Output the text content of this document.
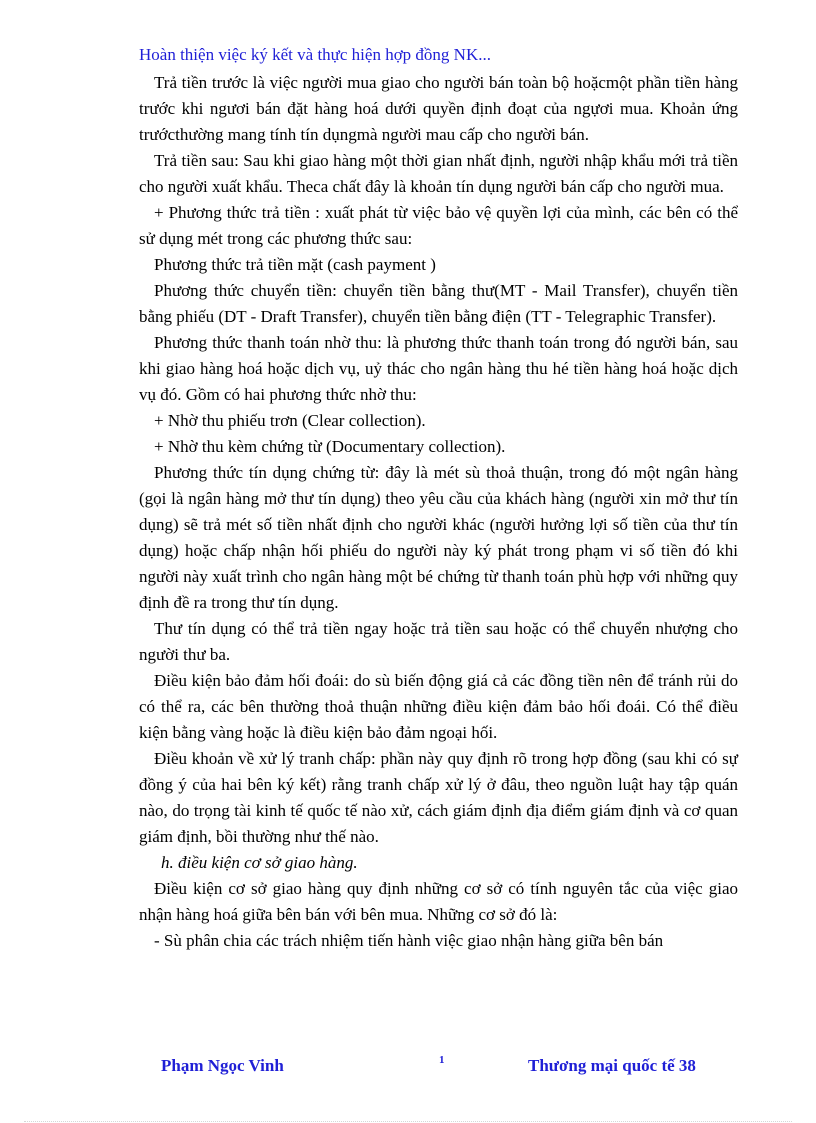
Hoàn thiện việc ký kết và thực hiện hợp đồng NK...

Trả tiền trước là việc người mua giao cho người bán toàn bộ hoặcmột phần tiền hàng trước khi ngươi bán đặt hàng hoá dưới quyền định đoạt của ngựơi mua. Khoản ứng trướcthường mang tính tín dụngmà người mau cấp cho người bán.

Trả tiền sau: Sau khi giao hàng một thời gian nhất định, người nhập khẩu mới trả tiền cho người xuất khẩu. Theca chất đây là khoản tín dụng người bán cấp cho người mua.

+ Phương thức trả tiền : xuất phát từ việc bảo vệ quyền lợi của mình, các bên có thể sử dụng mét trong các phương thức sau:

Phương thức trả tiền mặt (cash payment )

Phương thức chuyển tiền: chuyển tiền bằng thư(MT - Mail Transfer), chuyển tiền bằng phiếu (DT - Draft Transfer), chuyển tiền bằng điện (TT - Telegraphic Transfer).

Phương thức thanh toán nhờ thu: là phương thức thanh toán trong đó người bán, sau khi giao hàng hoá hoặc dịch vụ, uỷ thác cho ngân hàng thu hé tiền hàng hoá hoặc dịch vụ đó. Gồm có hai phương thức nhờ thu:

+ Nhờ thu phiếu trơn (Clear collection).

+ Nhờ thu kèm chứng từ (Documentary collection).

Phương thức tín dụng chứng từ: đây là mét sù thoả thuận, trong đó một ngân hàng (gọi là ngân hàng mở thư tín dụng) theo yêu cầu của khách hàng (người xin mở thư tín dụng) sẽ trả mét số tiền nhất định cho người khác (người hưởng lợi số tiền của thư tín dụng) hoặc chấp nhận hối phiếu do người này ký phát trong phạm vi số tiền đó khi người này xuất trình cho ngân hàng một bé chứng từ thanh toán phù hợp với những quy định đề ra trong thư tín dụng.

Thư tín dụng có thể trả tiền ngay hoặc trả tiền sau hoặc có thể chuyển nhượng cho người thư ba.

Điều kiện bảo đảm hối đoái: do sù biến động giá cả các đồng tiền nên để tránh rủi do có thể ra, các bên thường thoả thuận những điều kiện đảm bảo hối đoái. Có thể điều kiện bằng vàng hoặc là điều kiện bảo đảm ngoại hối.

Điều khoản về xử lý tranh chấp: phần này quy định rõ trong hợp đồng (sau khi có sự đồng ý của hai bên ký kết) rằng tranh chấp xử lý ở đâu, theo nguồn luật hay tập quán nào, do trọng tài kinh tế quốc tế nào xử, cách giám định địa điểm giám định và cơ quan giám định, bồi thường như thế nào.

h. điều kiện cơ sở giao hàng.

Điều kiện cơ sở giao hàng quy định những cơ sở có tính nguyên tắc của việc giao nhận hàng hoá giữa bên bán với bên mua. Những cơ sở đó là:

- Sù phân chia các trách nhiệm tiến hành việc giao nhận hàng giữa bên bán

Phạm Ngọc Vinh	1	Thương mại quốc tế 38
